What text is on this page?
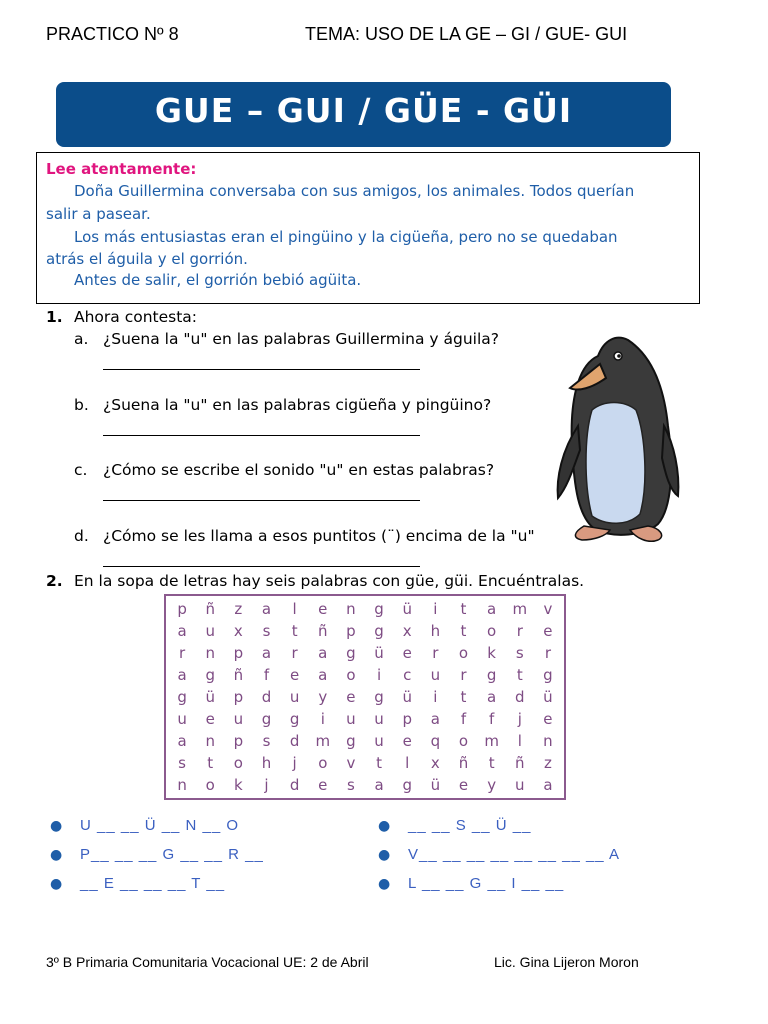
PRACTICO Nº 8	TEMA: USO DE LA GE – GI / GUE- GUI
GUE – GUI / GÜE - GÜI
Lee atentamente:
Doña Guillermina conversaba con sus amigos, los animales. Todos querían
salir a pasear.
Los más entusiastas eran el pingüino y la cigüeña, pero no se quedaban
atrás el águila y el gorrión.
Antes de salir, el gorrión bebió agüita.
1. Ahora contesta:
a. ¿Suena la "u" en las palabras Guillermina y águila?
b. ¿Suena la "u" en las palabras cigüeña y pingüino?
c. ¿Cómo se escribe el sonido "u" en estas palabras?
d. ¿Cómo se les llama a esos puntitos (¨) encima de la "u"
2. En la sopa de letras hay seis palabras con güe, güi. Encuéntralas.
p	ñ	z	a	l	e	n	g	ü	i	t	a	m	v
a	u	x	s	t	ñ	p	g	x	h	t	o	r	e
r	n	p	a	r	a	g	ü	e	r	o	k	s	r
a	g	ñ	f	e	a	o	i	c	u	r	g	t	g
g	ü	p	d	u	y	e	g	ü	i	t	a	d	ü
u	e	u	g	g	i	u	u	p	a	f	f	j	e
a	n	p	s	d	m	g	u	e	q	o	m	l	n
s	t	o	h	j	o	v	t	l	x	ñ	t	ñ	z
n	o	k	j	d	e	s	a	g	ü	e	y	u	a
● U __ __ Ü __ N __ O
● P__ __ __ G __ __ R __
● __ E __ __ __ T __
● __ __ S __ Ü __
● V__ __ __ __ __ __ __ __ A
● L __ __ G __ I __ __
3º B Primaria Comunitaria Vocacional UE: 2 de Abril	Lic. Gina Lijeron Moron
